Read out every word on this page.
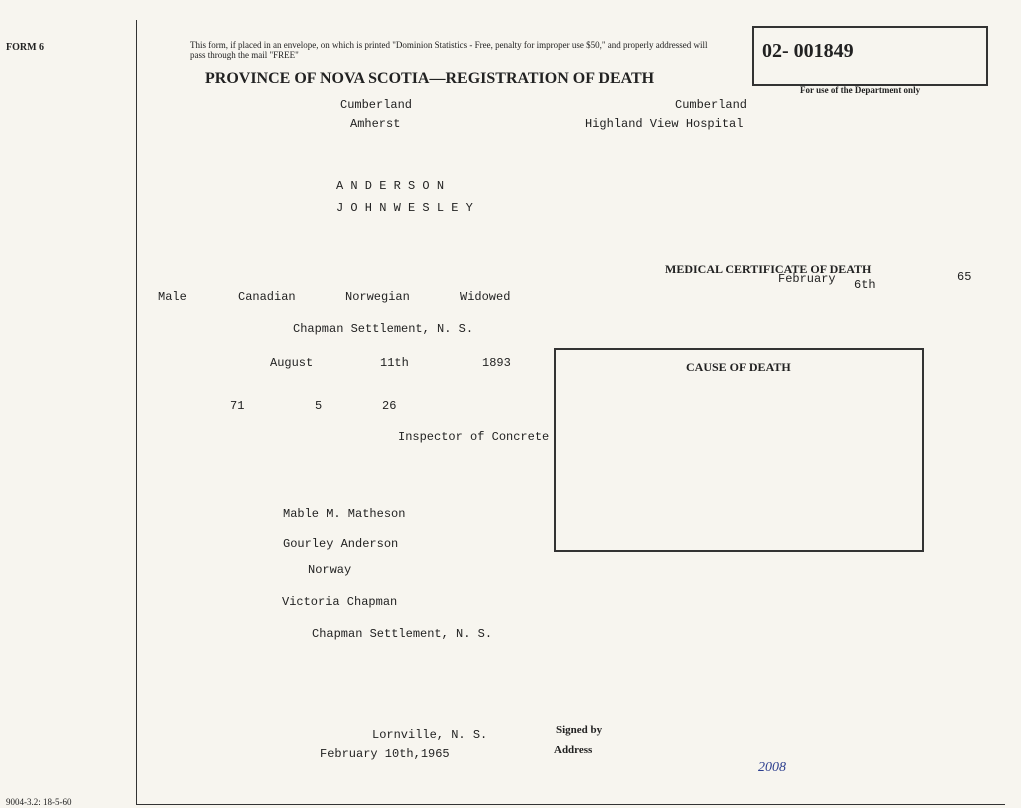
FORM 6	This form, if placed in an envelope, on which is printed "Dominion Statistics - Free, penalty for improper use $50," and properly addressed will pass through the mail "FREE"
PROVINCE OF NOVA SCOTIA—REGISTRATION OF DEATH
02- 001849
For use of the Department only
Cumberland	Cumberland
Amherst	Highland View Hospital
A N D E R S O N
J O H N W E S L E Y
Male	Canadian	Norwegian	Widowed
Chapman Settlement, N. S.
August	11th	1893
71	5	26
Inspector of Concrete
Mable M. Matheson
Gourley Anderson
Norway
Victoria Chapman
Chapman Settlement, N. S.
Lornville, N. S.
February 10th,1965
MEDICAL CERTIFICATE OF DEATH
February 6th
65
CAUSE OF DEATH
Signed by
Address
2008
9004-3.2: 18-5-60
